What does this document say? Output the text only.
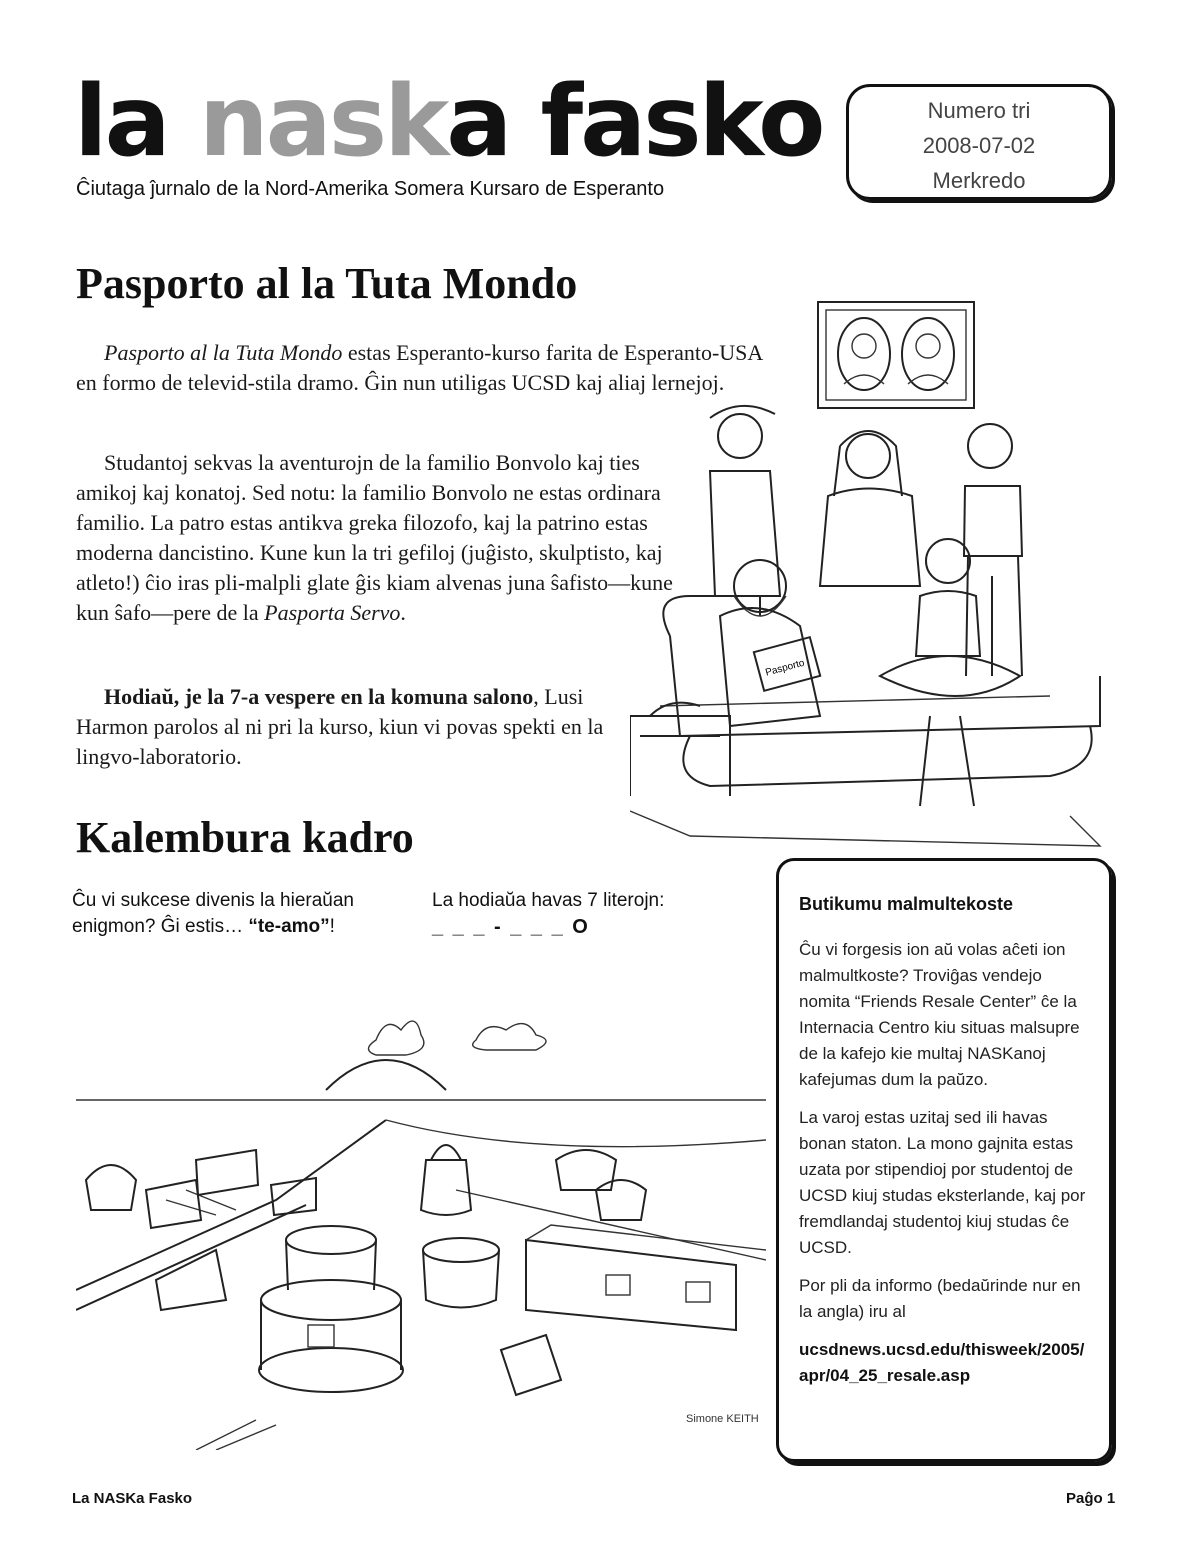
la naska fasko
Ĉiutaga ĵurnalo de la Nord-Amerika Somera Kursaro de Esperanto
Numero tri
2008-07-02
Merkredo
Pasporto al la Tuta Mondo

Pasporto al la Tuta Mondo estas Esperanto-kurso farita de Esperanto-USA en formo de televid-stila dramo. Ĝin nun utiligas UCSD kaj aliaj lernejoj.

Studantoj sekvas la aventurojn de la familio Bonvolo kaj ties amikoj kaj konatoj. Sed notu: la familio Bonvolo ne estas ordinara familio. La patro estas antikva greka filozofo, kaj la patrino estas moderna dancistino. Kune kun la tri gefiloj (juĝisto, skulptisto, kaj atleto!) ĉio iras pli-malpli glate ĝis kiam alvenas juna ŝafisto—kune kun ŝafo—pere de la Pasporta Servo.

Hodiaŭ, je la 7-a vespere en la komuna salono, Lusi Harmon parolos al ni pri la kurso, kiun vi povas spekti en la lingvo-laboratorio.

Pasporto
Kalembura kadro
Ĉu vi sukcese divenis la hieraŭan enigmon? Ĝi estis… “te-amo”!
La hodiaŭa havas 7 literojn:
_ _ _ - _ _ _ O
Simone KEITH
Butikumu malmultekoste

Ĉu vi forgesis ion aŭ volas aĉeti ion malmultkoste? Troviĝas vendejo nomita “Friends Resale Center” ĉe la Internacia Centro kiu situas malsupre de la kafejo kie multaj NASKanoj kafejumas dum la paŭzo.

La varoj estas uzitaj sed ili havas bonan staton. La mono gajnita estas uzata por stipendioj por studentoj de UCSD kiuj studas eksterlande, kaj por fremdlandaj studentoj kiuj studas ĉe UCSD.

Por pli da informo (bedaŭrinde nur en la angla) iru al

ucsdnews.ucsd.edu/thisweek/2005/apr/04_25_resale.asp

La NASKa Fasko	Paĝo 1
